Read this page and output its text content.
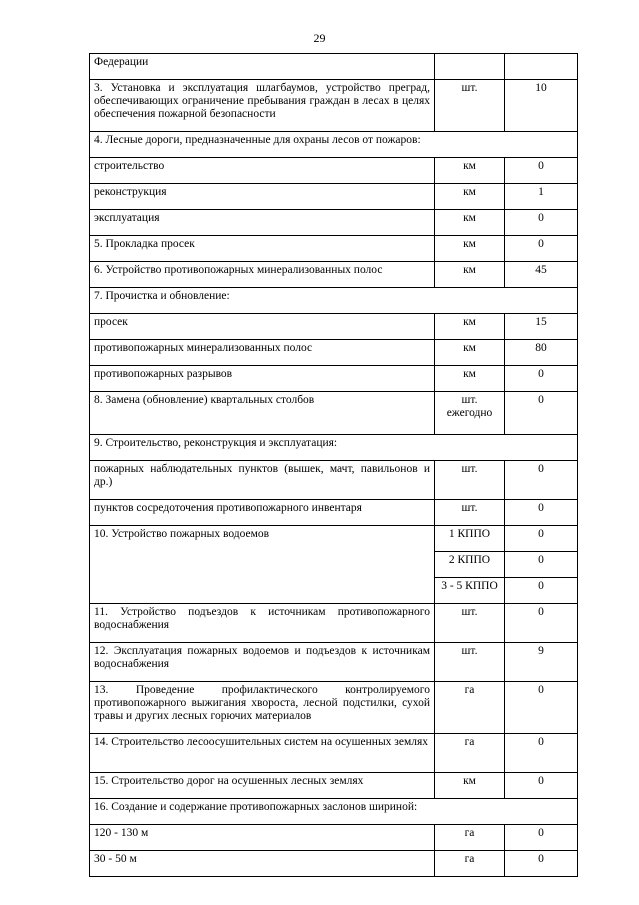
29
Федерации		
3. Установка и эксплуатация шлагбаумов, устройство преград, обеспечивающих ограничение пребывания граждан в лесах в целях обеспечения пожарной безопасности	шт.	10
4. Лесные дороги, предназначенные для охраны лесов от пожаров:		
строительство	км	0
реконструкция	км	1
эксплуатация	км	0
5. Прокладка просек	км	0
6. Устройство противопожарных минерализованных полос	км	45
7. Прочистка и обновление:		
просек	км	15
противопожарных минерализованных полос	км	80
противопожарных разрывов	км	0
8. Замена (обновление) квартальных столбов	шт. ежегодно	0
9. Строительство, реконструкция и эксплуатация:		
пожарных наблюдательных пунктов (вышек, мачт, павильонов и др.)	шт.	0
пунктов сосредоточения противопожарного инвентаря	шт.	0
10. Устройство пожарных водоемов	1 КППО	0
	2 КППО	0
	3 - 5 КППО	0
11. Устройство подъездов к источникам противопожарного водоснабжения	шт.	0
12. Эксплуатация пожарных водоемов и подъездов к источникам водоснабжения	шт.	9
13. Проведение профилактического контролируемого противопожарного выжигания хвороста, лесной подстилки, сухой травы и других лесных горючих материалов	га	0
14. Строительство лесоосушительных систем на осушенных землях	га	0
15. Строительство дорог на осушенных лесных землях	км	0
16. Создание и содержание противопожарных заслонов шириной:		
120 - 130 м	га	0
30 - 50 м	га	0
